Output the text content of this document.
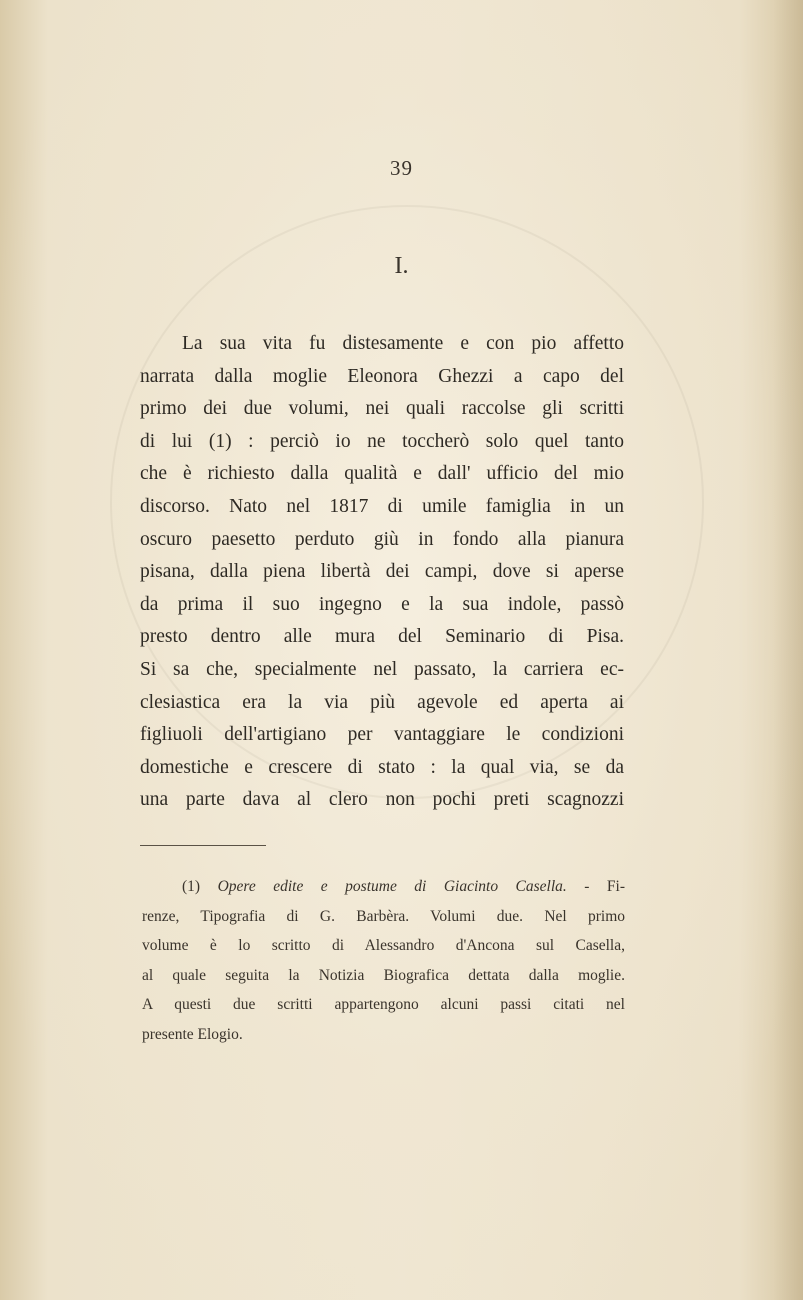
39
I.
La sua vita fu distesamente e con pio affetto
narrata dalla moglie Eleonora Ghezzi a capo del
primo dei due volumi, nei quali raccolse gli scritti
di lui (1) : perciò io ne toccherò solo quel tanto
che è richiesto dalla qualità e dall' ufficio del mio
discorso. Nato nel 1817 di umile famiglia in un
oscuro paesetto perduto giù in fondo alla pianura
pisana, dalla piena libertà dei campi, dove si aperse
da prima il suo ingegno e la sua indole, passò
presto dentro alle mura del Seminario di Pisa.
Si sa che, specialmente nel passato, la carriera ec-
clesiastica era la via più agevole ed aperta ai
figliuoli dell'artigiano per vantaggiare le condizioni
domestiche e crescere di stato : la qual via, se da
una parte dava al clero non pochi preti scagnozzi
(1) Opere edite e postume di Giacinto Casella. - Fi-
renze, Tipografia di G. Barbèra. Volumi due. Nel primo
volume è lo scritto di Alessandro d'Ancona sul Casella,
al quale seguita la Notizia Biografica dettata dalla moglie.
A questi due scritti appartengono alcuni passi citati nel
presente Elogio.
